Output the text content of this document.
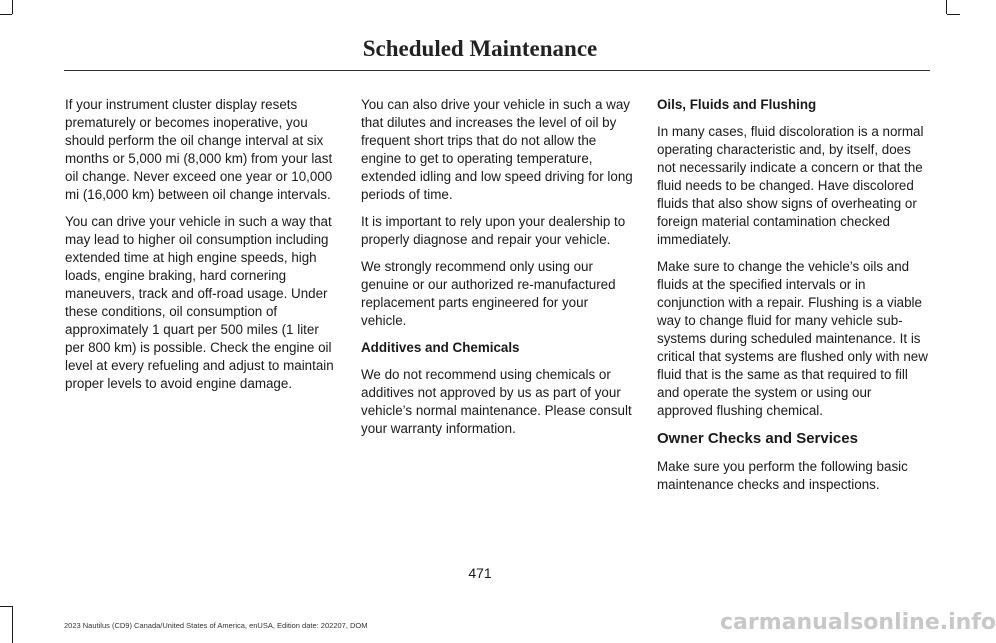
Scheduled Maintenance

If your instrument cluster display resets prematurely or becomes inoperative, you should perform the oil change interval at six months or 5,000 mi (8,000 km) from your last oil change. Never exceed one year or 10,000 mi (16,000 km) between oil change intervals.

You can drive your vehicle in such a way that may lead to higher oil consumption including extended time at high engine speeds, high loads, engine braking, hard cornering maneuvers, track and off-road usage. Under these conditions, oil consumption of approximately 1 quart per 500 miles (1 liter per 800 km) is possible. Check the engine oil level at every refueling and adjust to maintain proper levels to avoid engine damage.

You can also drive your vehicle in such a way that dilutes and increases the level of oil by frequent short trips that do not allow the engine to get to operating temperature, extended idling and low speed driving for long periods of time.

It is important to rely upon your dealership to properly diagnose and repair your vehicle.

We strongly recommend only using our genuine or our authorized re-manufactured replacement parts engineered for your vehicle.

Additives and Chemicals

We do not recommend using chemicals or additives not approved by us as part of your vehicle’s normal maintenance. Please consult your warranty information.

Oils, Fluids and Flushing

In many cases, fluid discoloration is a normal operating characteristic and, by itself, does not necessarily indicate a concern or that the fluid needs to be changed. Have discolored fluids that also show signs of overheating or foreign material contamination checked immediately.

Make sure to change the vehicle’s oils and fluids at the specified intervals or in conjunction with a repair. Flushing is a viable way to change fluid for many vehicle sub-systems during scheduled maintenance. It is critical that systems are flushed only with new fluid that is the same as that required to fill and operate the system or using our approved flushing chemical.

Owner Checks and Services

Make sure you perform the following basic maintenance checks and inspections.

471
2023 Nautilus (CD9) Canada/United States of America, enUSA, Edition date: 202207, DOM	carmanualsonline.info
